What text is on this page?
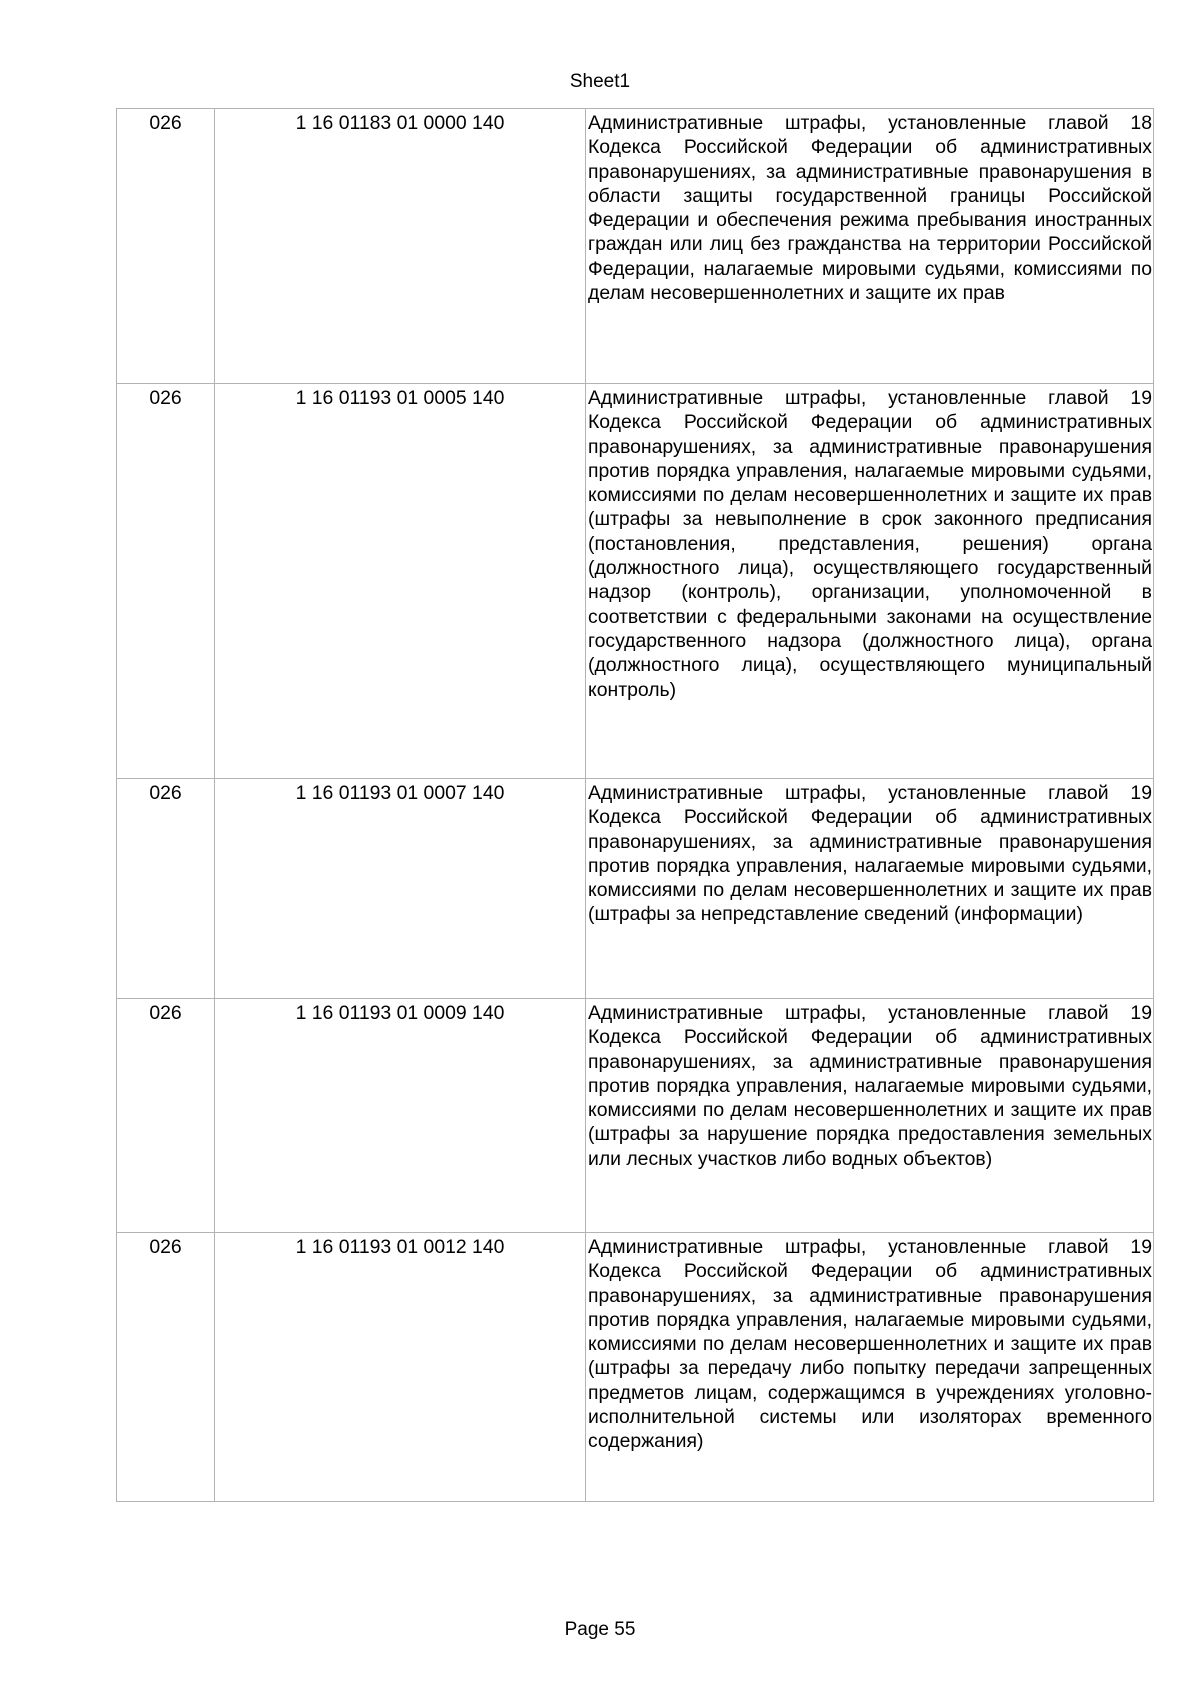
Sheet1
026	1 16 01183 01 0000 140	Административные штрафы, установленные главой 18 Кодекса Российской Федерации об административных правонарушениях, за административные правонарушения в области защиты государственной границы Российской Федерации и обеспечения режима пребывания иностранных граждан или лиц без гражданства на территории Российской Федерации, налагаемые мировыми судьями, комиссиями по делам несовершеннолетних и защите их прав
026	1 16 01193 01 0005 140	Административные штрафы, установленные главой 19 Кодекса Российской Федерации об административных правонарушениях, за административные правонарушения против порядка управления, налагаемые мировыми судьями, комиссиями по делам несовершеннолетних и защите их прав (штрафы за невыполнение в срок законного предписания (постановления, представления, решения) органа (должностного лица), осуществляющего государственный надзор (контроль), организации, уполномоченной в соответствии с федеральными законами на осуществление государственного надзора (должностного лица), органа (должностного лица), осуществляющего муниципальный контроль)
026	1 16 01193 01 0007 140	Административные штрафы, установленные главой 19 Кодекса Российской Федерации об административных правонарушениях, за административные правонарушения против порядка управления, налагаемые мировыми судьями, комиссиями по делам несовершеннолетних и защите их прав (штрафы за непредставление сведений (информации)
026	1 16 01193 01 0009 140	Административные штрафы, установленные главой 19 Кодекса Российской Федерации об административных правонарушениях, за административные правонарушения против порядка управления, налагаемые мировыми судьями, комиссиями по делам несовершеннолетних и защите их прав (штрафы за нарушение порядка предоставления земельных или лесных участков либо водных объектов)
026	1 16 01193 01 0012 140	Административные штрафы, установленные главой 19 Кодекса Российской Федерации об административных правонарушениях, за административные правонарушения против порядка управления, налагаемые мировыми судьями, комиссиями по делам несовершеннолетних и защите их прав (штрафы за передачу либо попытку передачи запрещенных предметов лицам, содержащимся в учреждениях уголовно-исполнительной системы или изоляторах временного содержания)
Page 55
